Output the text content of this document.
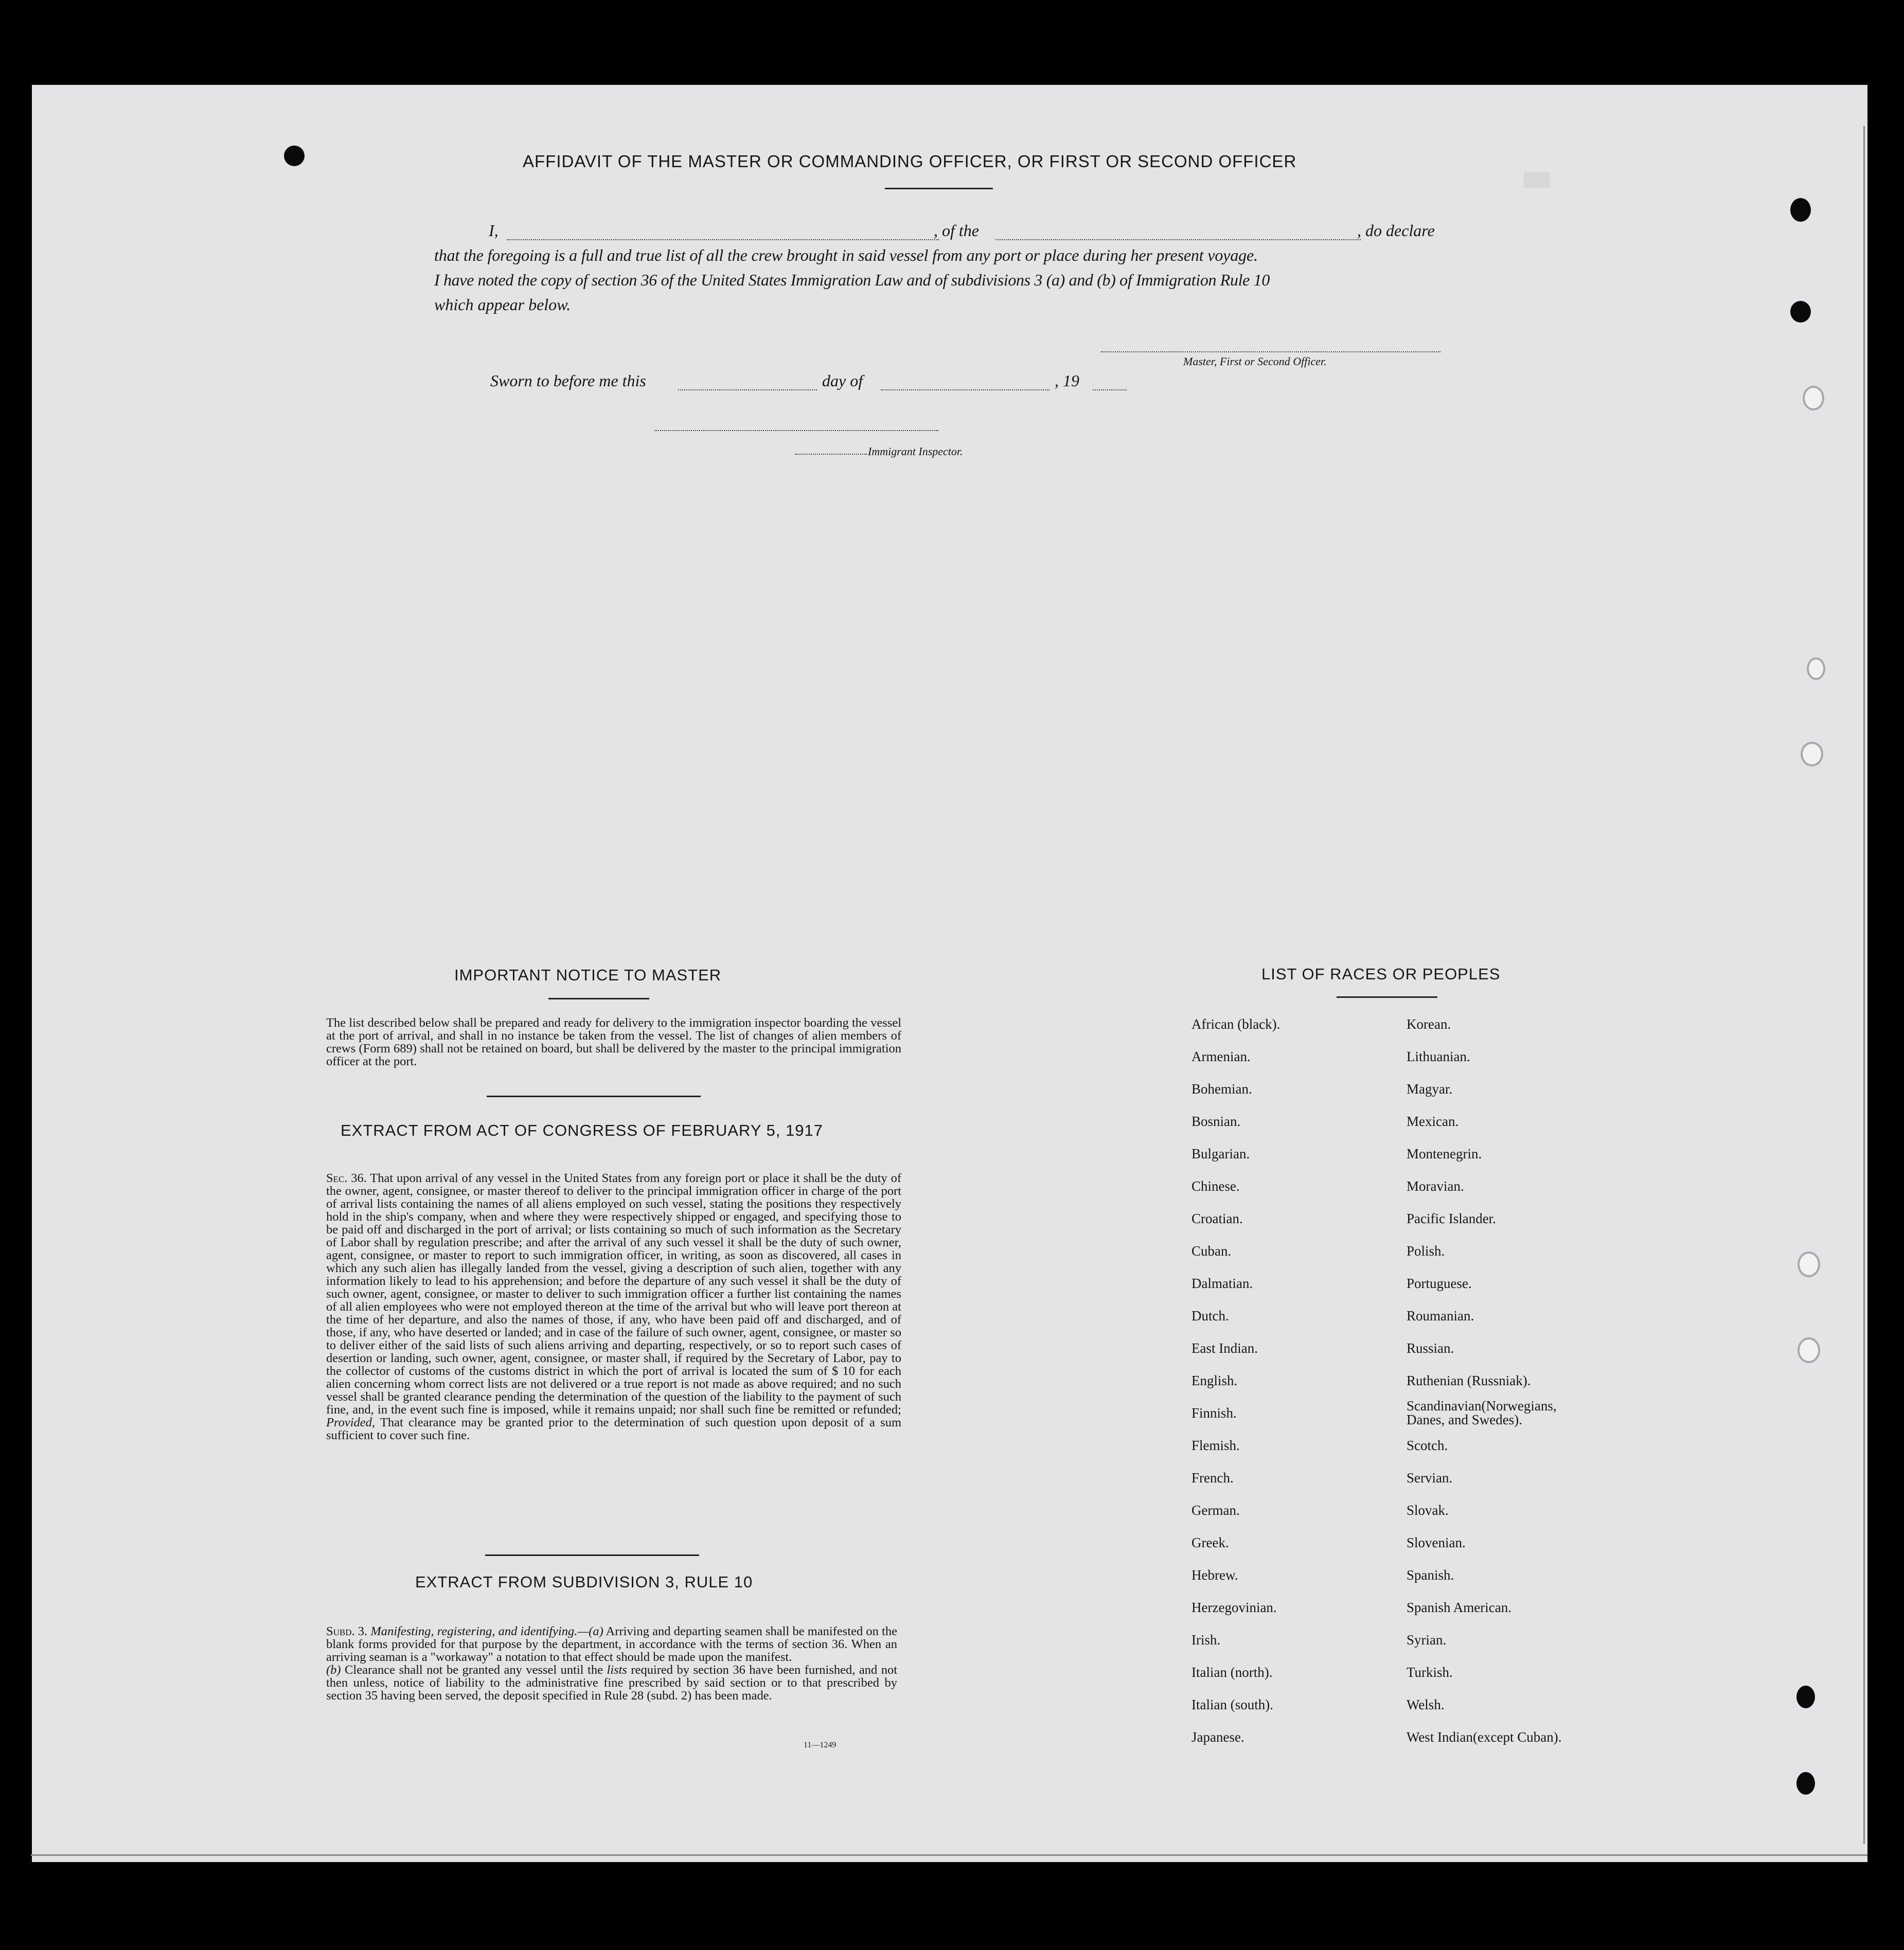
███
AFFIDAVIT OF THE MASTER OR COMMANDING OFFICER, OR FIRST OR SECOND OFFICER
I,	, of the	, do declare
that the foregoing is a full and true list of all the crew brought in said vessel from any port or place during her present voyage.
I have noted the copy of section 36 of the United States Immigration Law and of subdivisions 3 (a) and (b) of Immigration Rule 10
which appear below.
Master, First or Second Officer.
Sworn to before me this	day of	, 19
Immigrant Inspector.
IMPORTANT NOTICE TO MASTER

The list described below shall be prepared and ready for delivery to the immigration inspector boarding the vessel at the port of arrival, and shall in no instance be taken from the vessel. The list of changes of alien members of crews (Form 689) shall not be retained on board, but shall be delivered by the master to the principal immigration officer at the port.

EXTRACT FROM ACT OF CONGRESS OF FEBRUARY 5, 1917

Sec. 36. That upon arrival of any vessel in the United States from any foreign port or place it shall be the duty of the owner, agent, consignee, or master thereof to deliver to the principal immigration officer in charge of the port of arrival lists containing the names of all aliens employed on such vessel, stating the positions they respectively hold in the ship's company, when and where they were respectively shipped or engaged, and specifying those to be paid off and discharged in the port of arrival; or lists containing so much of such information as the Secretary of Labor shall by regulation prescribe; and after the arrival of any such vessel it shall be the duty of such owner, agent, consignee, or master to report to such immigration officer, in writing, as soon as discovered, all cases in which any such alien has illegally landed from the vessel, giving a description of such alien, together with any information likely to lead to his apprehension; and before the departure of any such vessel it shall be the duty of such owner, agent, consignee, or master to deliver to such immigration officer a further list containing the names of all alien employees who were not employed thereon at the time of the arrival but who will leave port thereon at the time of her departure, and also the names of those, if any, who have been paid off and discharged, and of those, if any, who have deserted or landed; and in case of the failure of such owner, agent, consignee, or master so to deliver either of the said lists of such aliens arriving and departing, respectively, or so to report such cases of desertion or landing, such owner, agent, consignee, or master shall, if required by the Secretary of Labor, pay to the collector of customs of the customs district in which the port of arrival is located the sum of $ 10 for each alien concerning whom correct lists are not delivered or a true report is not made as above required; and no such vessel shall be granted clearance pending the determination of the question of the liability to the payment of such fine, and, in the event such fine is imposed, while it remains unpaid; nor shall such fine be remitted or refunded; Provided, That clearance may be granted prior to the determination of such question upon deposit of a sum sufficient to cover such fine.

EXTRACT FROM SUBDIVISION 3, RULE 10

Subd. 3. Manifesting, registering, and identifying.—(a) Arriving and departing seamen shall be manifested on the blank forms provided for that purpose by the department, in accordance with the terms of section 36. When an arriving seaman is a "workaway" a notation to that effect should be made upon the manifest.

(b) Clearance shall not be granted any vessel until the lists required by section 36 have been furnished, and not then unless, notice of liability to the administrative fine prescribed by said section or to that prescribed by section 35 having been served, the deposit specified in Rule 28 (subd. 2) has been made.

11—1249
LIST OF RACES OR PEOPLES
African (black).
Armenian.
Bohemian.
Bosnian.
Bulgarian.
Chinese.
Croatian.
Cuban.
Dalmatian.
Dutch.
East Indian.
English.
Finnish.
Flemish.
French.
German.
Greek.
Hebrew.
Herzegovinian.
Irish.
Italian (north).
Italian (south).
Japanese.
Korean.
Lithuanian.
Magyar.
Mexican.
Montenegrin.
Moravian.
Pacific Islander.
Polish.
Portuguese.
Roumanian.
Russian.
Ruthenian (Russniak).
Scandinavian(Norwegians, Danes, and Swedes).
Scotch.
Servian.
Slovak.
Slovenian.
Spanish.
Spanish American.
Syrian.
Turkish.
Welsh.
West Indian(except Cuban).
